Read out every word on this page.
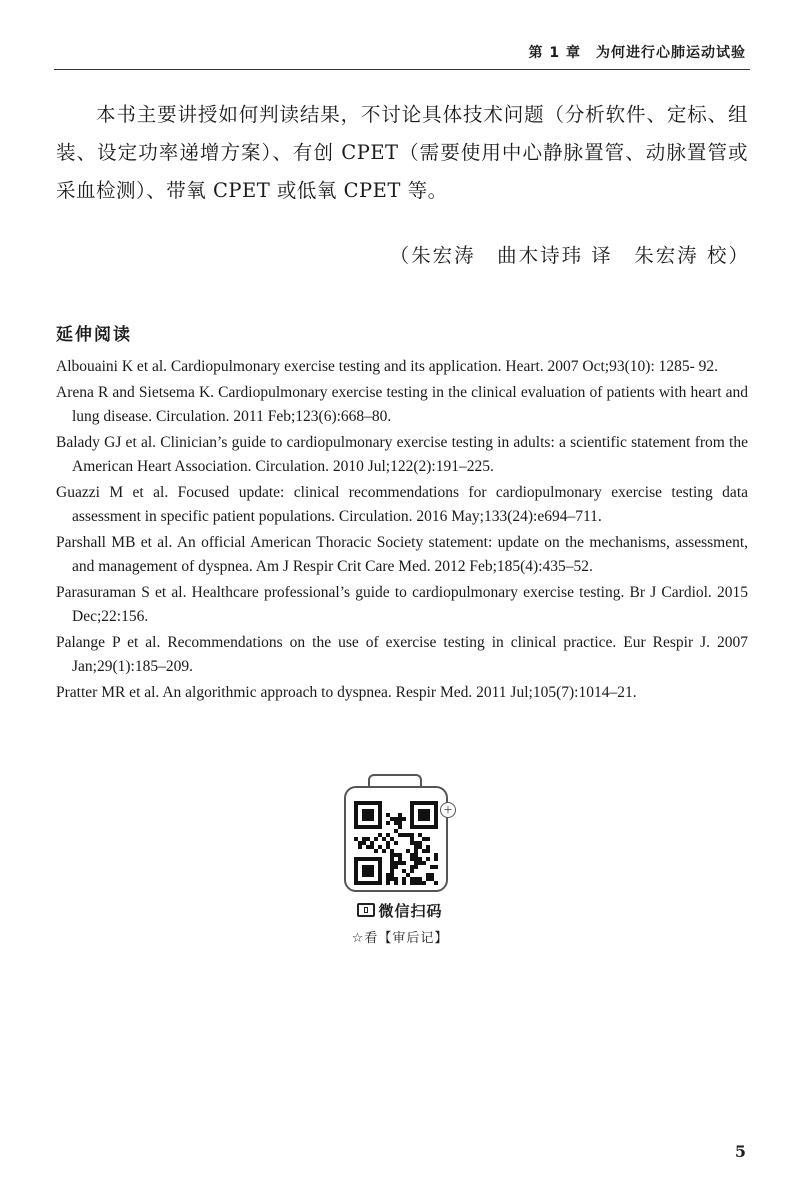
第 1 章　为何进行心肺运动试验

本书主要讲授如何判读结果，不讨论具体技术问题（分析软件、定标、组装、设定功率递增方案）、有创 CPET（需要使用中心静脉置管、动脉置管或采血检测）、带氧 CPET 或低氧 CPET 等。

（朱宏涛　曲木诗玮 译　朱宏涛 校）
延伸阅读
Albouaini K et al. Cardiopulmonary exercise testing and its application. Heart. 2007 Oct;93(10): 1285- 92.
Arena R and Sietsema K. Cardiopulmonary exercise testing in the clinical evaluation of patients with heart and lung disease. Circulation. 2011 Feb;123(6):668–80.
Balady GJ et al. Clinician’s guide to cardiopulmonary exercise testing in adults: a scientific statement from the American Heart Association. Circulation. 2010 Jul;122(2):191–225.
Guazzi M et al. Focused update: clinical recommendations for cardiopulmonary exercise testing data assessment in specific patient populations. Circulation. 2016 May;133(24):e694–711.
Parshall MB et al. An official American Thoracic Society statement: update on the mechanisms, assessment, and management of dyspnea. Am J Respir Crit Care Med. 2012 Feb;185(4):435–52.
Parasuraman S et al. Healthcare professional’s guide to cardiopulmonary exercise testing. Br J Cardiol. 2015 Dec;22:156.
Palange P et al. Recommendations on the use of exercise testing in clinical practice. Eur Respir J. 2007 Jan;29(1):185–209.
Pratter MR et al. An algorithmic approach to dyspnea. Respir Med. 2011 Jul;105(7):1014–21.
+
微信扫码
☆看【审后记】
5
